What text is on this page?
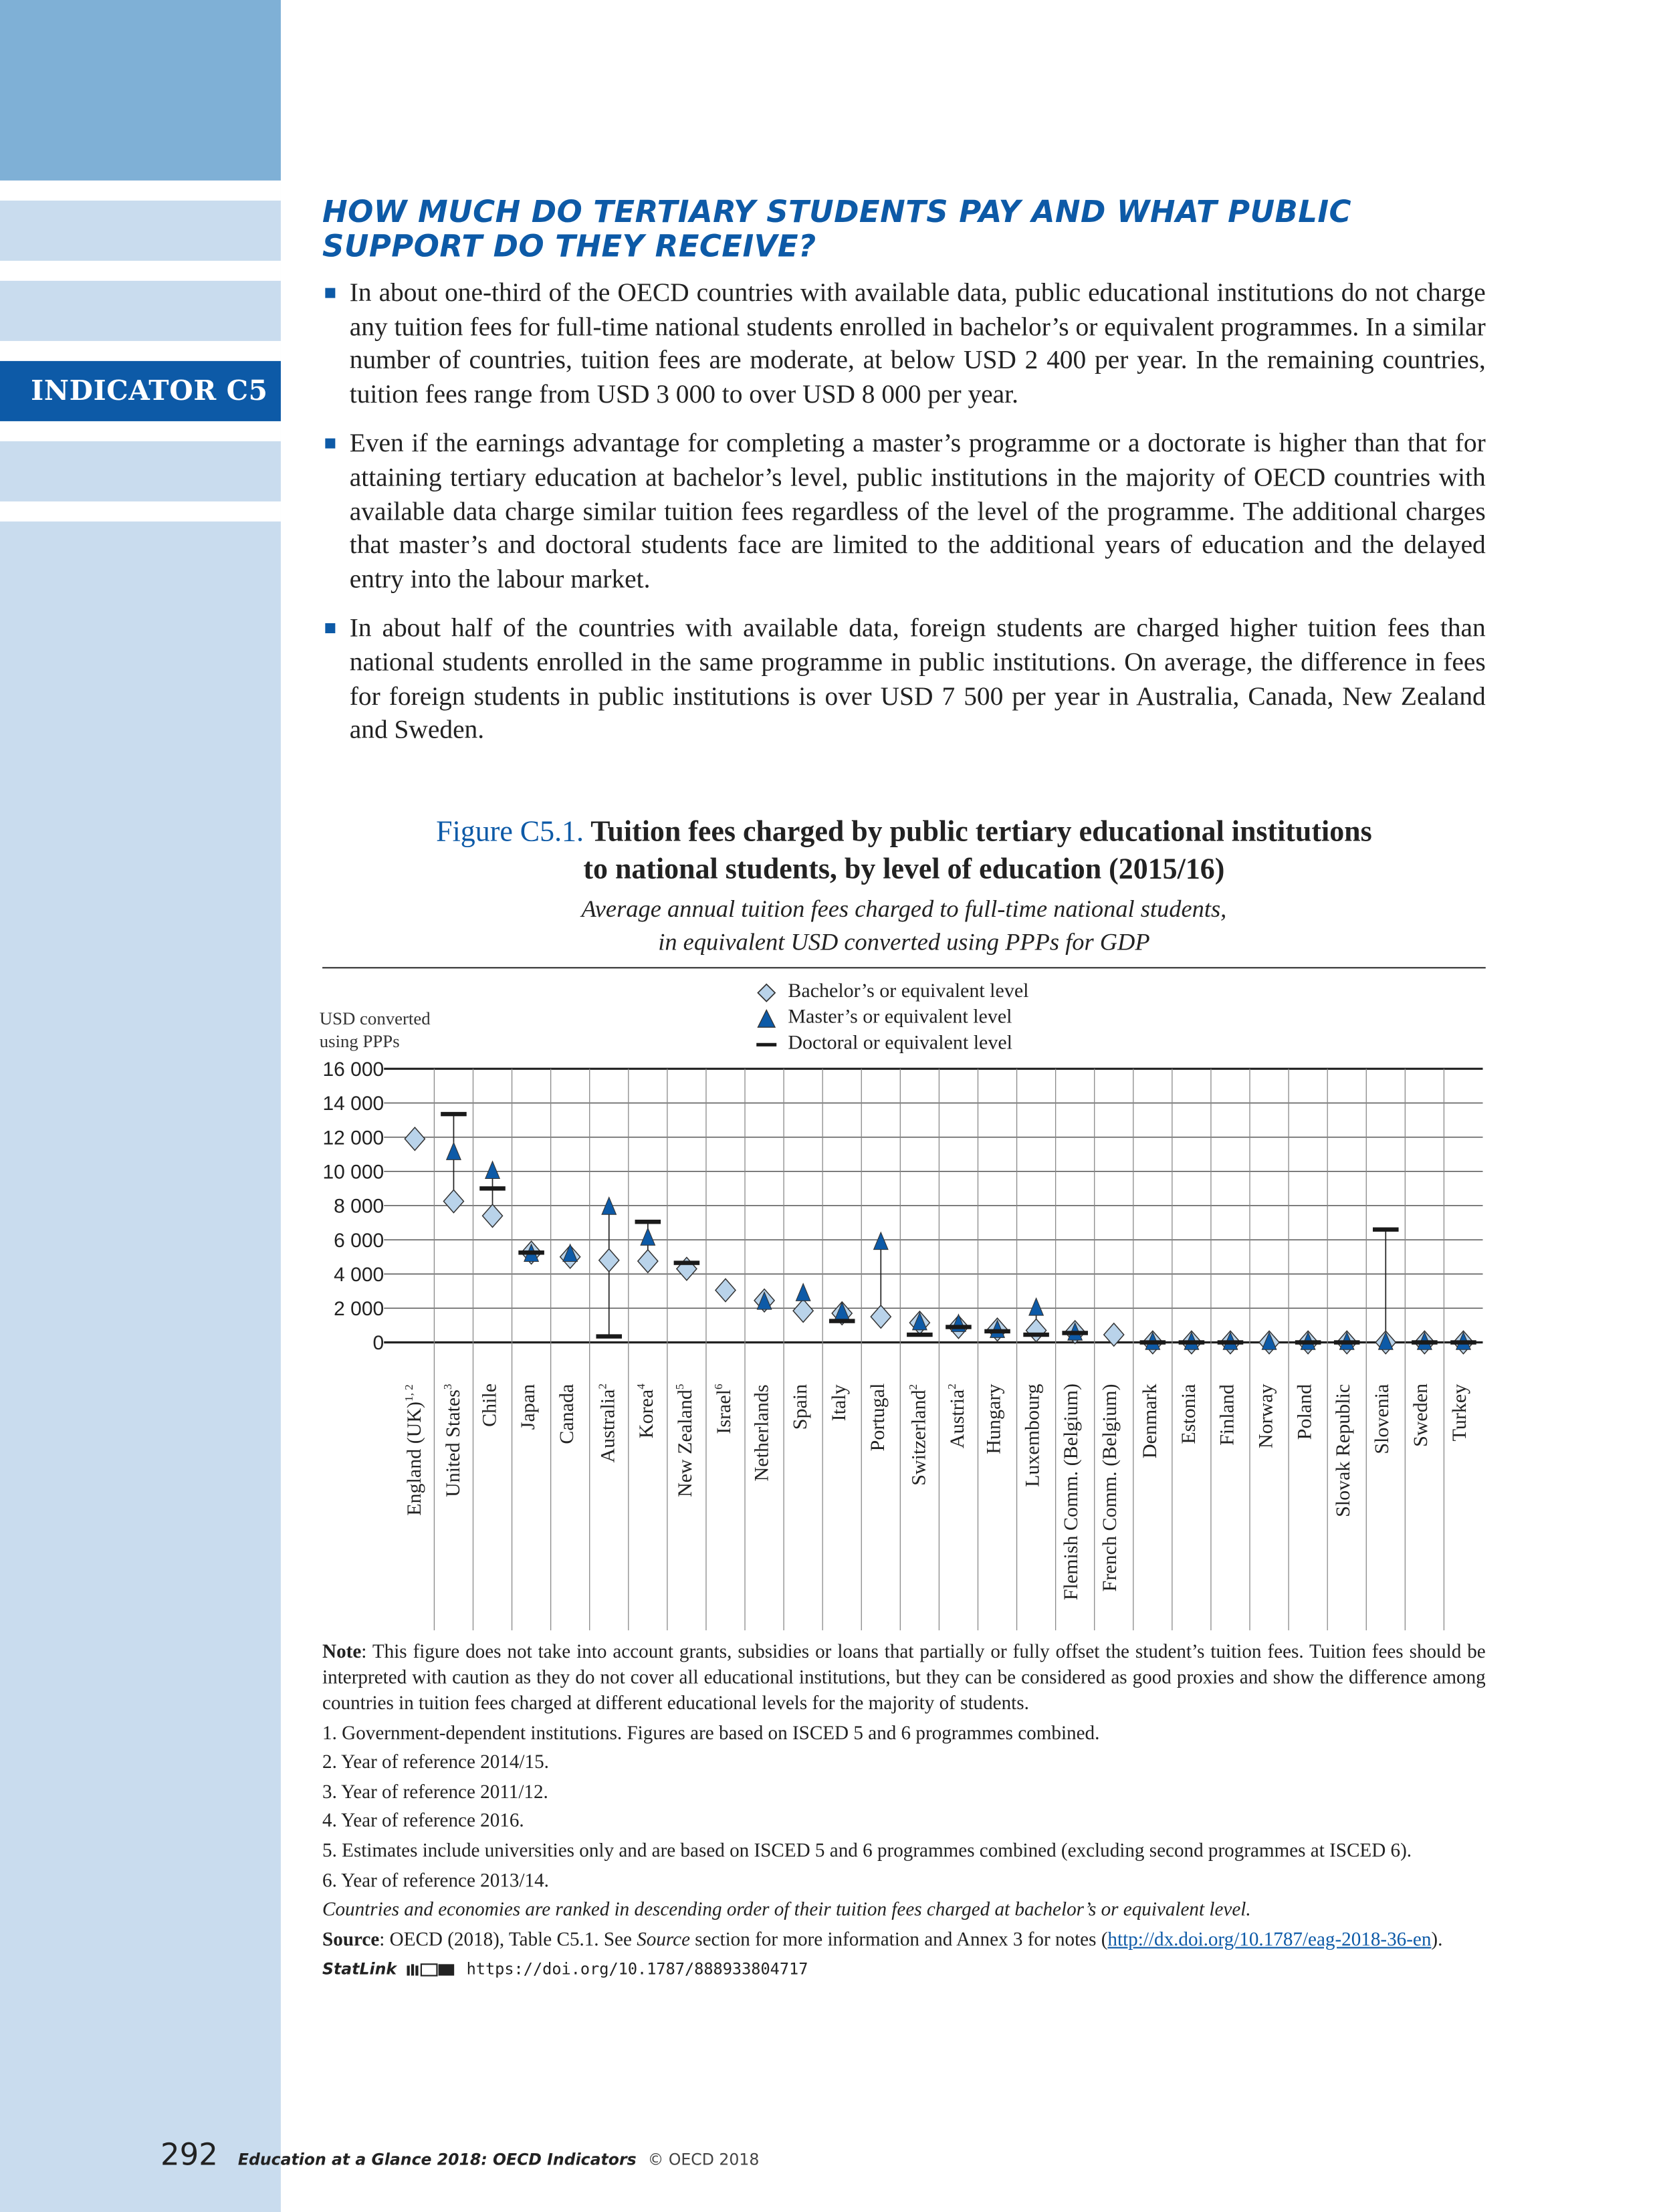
INDICATOR C5
HOW MUCH DO TERTIARY STUDENTS PAY AND WHAT PUBLIC SUPPORT DO THEY RECEIVE?
In about one-third of the OECD countries with available data, public educational institutions do not charge any tuition fees for full-time national students enrolled in bachelor’s or equivalent programmes. In a similar number of countries, tuition fees are moderate, at below USD 2 400 per year. In the remaining countries, tuition fees range from USD 3 000 to over USD 8 000 per year.
Even if the earnings advantage for completing a master’s programme or a doctorate is higher than that for attaining tertiary education at bachelor’s level, public institutions in the majority of OECD countries with available data charge similar tuition fees regardless of the level of the programme. The additional charges that master’s and doctoral students face are limited to the additional years of education and the delayed entry into the labour market.
In about half of the countries with available data, foreign students are charged higher tuition fees than national students enrolled in the same programme in public institutions. On average, the difference in fees for foreign students in public institutions is over USD 7 500 per year in Australia, Canada, New Zealand and Sweden.
Figure C5.1. Tuition fees charged by public tertiary educational institutions
to national students, by level of education (2015/16)
Average annual tuition fees charged to full-time national students,
in equivalent USD converted using PPPs for GDP
Bachelor’s or equivalent level
Master’s or equivalent level
Doctoral or equivalent level
USD converted
using PPPs
0
2 000
4 000
6 000
8 000
10 000
12 000
14 000
16 000
England (UK)$^{1, 2}$	United States$^3$	Chile Japan Canada Australia$^2$
Korea$^4$
New Zealand$^5$
Israel$^6$	Netherlands Spain Italy Portugal Switzerland$^2$
Austria$^2$	Hungary Luxembourg Flemish Comm. (Belgium) French Comm. (Belgium) Denmark Estonia Finland Norway Poland Slovak Republic Slovenia Sweden Turkey

Note: This figure does not take into account grants, subsidies or loans that partially or fully offset the student’s tuition fees. Tuition fees should be interpreted with caution as they do not cover all educational institutions, but they can be considered as good proxies and show the difference among countries in tuition fees charged at different educational levels for the majority of students.

1. Government-dependent institutions. Figures are based on ISCED 5 and 6 programmes combined.

2. Year of reference 2014/15.

3. Year of reference 2011/12.

4. Year of reference 2016.

5. Estimates include universities only and are based on ISCED 5 and 6 programmes combined (excluding second programmes at ISCED 6).

6. Year of reference 2013/14.

Countries and economies are ranked in descending order of their tuition fees charged at bachelor’s or equivalent level.

Source: OECD (2018), Table C5.1. See Source section for more information and Annex 3 for notes (http://dx.doi.org/10.1787/eag-2018-36-en).

StatLink	https://doi.org/10.1787/888933804717

292	Education at a Glance 2018: OECD Indicators © OECD 2018
